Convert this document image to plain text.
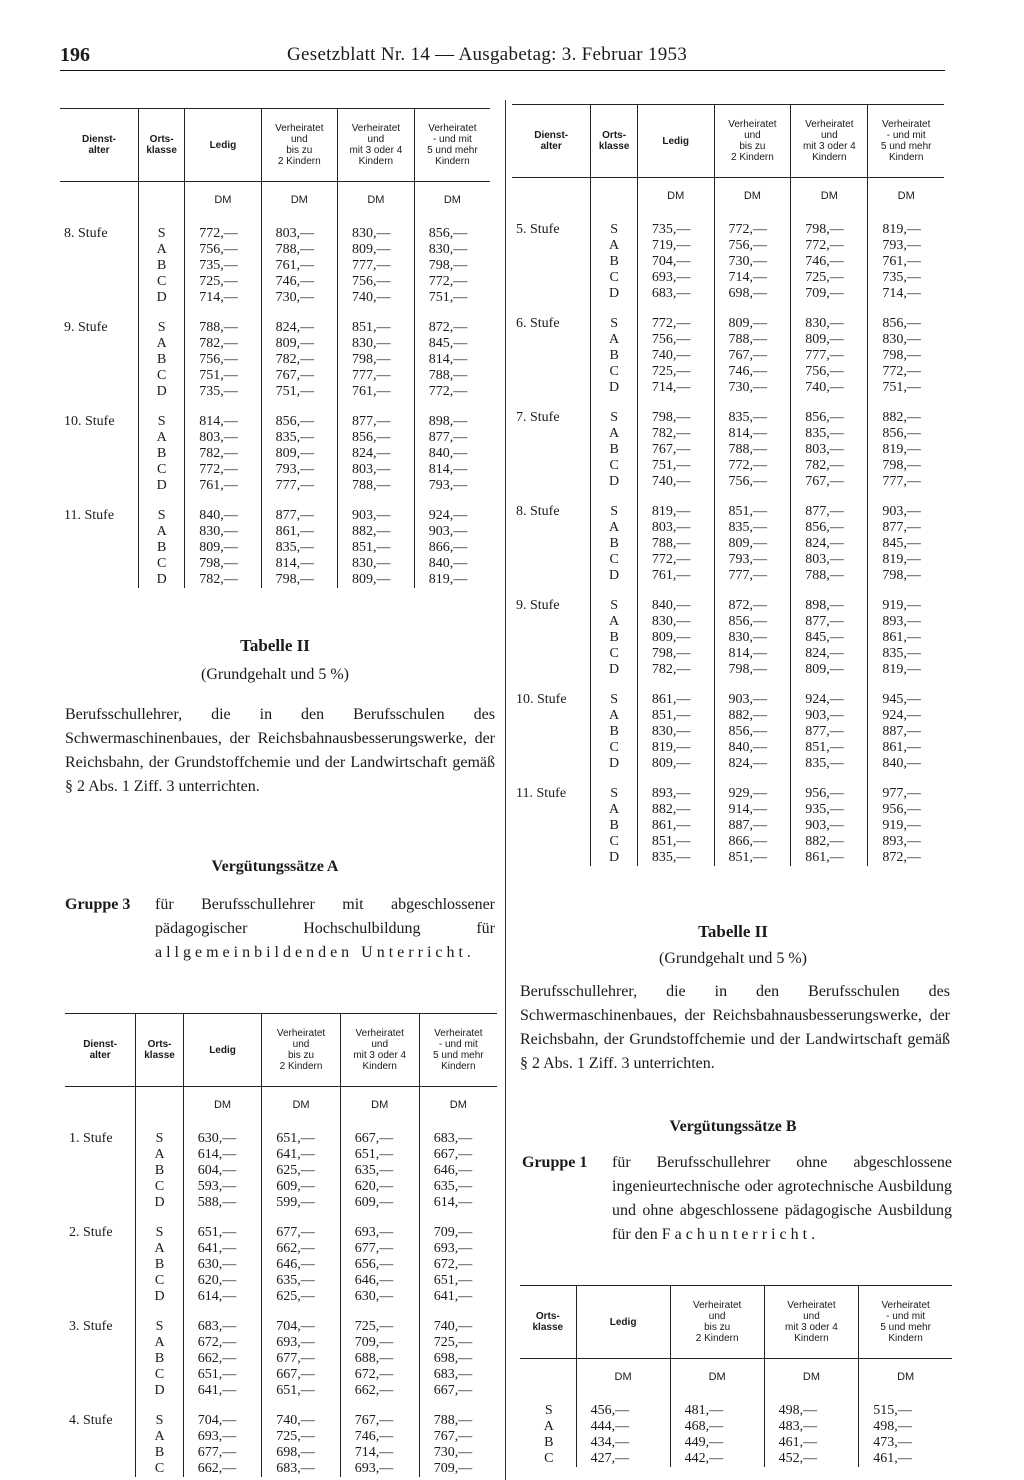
196	Gesetzblatt Nr. 14 — Ausgabetag: 3. Februar 1953
Dienst-
alter	Orts-
klasse	Ledig	Verheiratet
und
bis zu
2 Kindern	Verheiratet
und
mit 3 oder 4
Kindern	Verheiratet
- und mit
5 und mehr
Kindern
		DM	DM	DM	DM
8. Stufe	S	772,—	803,—	830,—	856,—
	A	756,—	788,—	809,—	830,—
	B	735,—	761,—	777,—	798,—
	C	725,—	746,—	756,—	772,—
	D	714,—	730,—	740,—	751,—
9. Stufe	S	788,—	824,—	851,—	872,—
	A	782,—	809,—	830,—	845,—
	B	756,—	782,—	798,—	814,—
	C	751,—	767,—	777,—	788,—
	D	735,—	751,—	761,—	772,—
10. Stufe	S	814,—	856,—	877,—	898,—
	A	803,—	835,—	856,—	877,—
	B	782,—	809,—	824,—	840,—
	C	772,—	793,—	803,—	814,—
	D	761,—	777,—	788,—	793,—
11. Stufe	S	840,—	877,—	903,—	924,—
	A	830,—	861,—	882,—	903,—
	B	809,—	835,—	851,—	866,—
	C	798,—	814,—	830,—	840,—
	D	782,—	798,—	809,—	819,—
Tabelle II
(Grundgehalt und 5 %)
Berufsschullehrer, die in den Berufsschulen des Schwermaschinenbaues, der Reichsbahnausbesserungswerke, der Reichsbahn, der Grundstoffchemie und der Landwirtschaft gemäß § 2 Abs. 1 Ziff. 3 unterrichten.
Vergütungssätze A
Gruppe 3 für Berufsschullehrer mit abgeschlossener pädagogischer Hochschulbildung für allgemeinbildenden Unterricht.
Dienst-
alter	Orts-
klasse	Ledig	Verheiratet
und
bis zu
2 Kindern	Verheiratet
und
mit 3 oder 4
Kindern	Verheiratet
- und mit
5 und mehr
Kindern
		DM	DM	DM	DM
1. Stufe	S	630,—	651,—	667,—	683,—
	A	614,—	641,—	651,—	667,—
	B	604,—	625,—	635,—	646,—
	C	593,—	609,—	620,—	635,—
	D	588,—	599,—	609,—	614,—
2. Stufe	S	651,—	677,—	693,—	709,—
	A	641,—	662,—	677,—	693,—
	B	630,—	646,—	656,—	672,—
	C	620,—	635,—	646,—	651,—
	D	614,—	625,—	630,—	641,—
3. Stufe	S	683,—	704,—	725,—	740,—
	A	672,—	693,—	709,—	725,—
	B	662,—	677,—	688,—	698,—
	C	651,—	667,—	672,—	683,—
	D	641,—	651,—	662,—	667,—
4. Stufe	S	704,—	740,—	767,—	788,—
	A	693,—	725,—	746,—	767,—
	B	677,—	698,—	714,—	730,—
	C	662,—	683,—	693,—	709,—
Dienst-
alter	Orts-
klasse	Ledig	Verheiratet
und
bis zu
2 Kindern	Verheiratet
und
mit 3 oder 4
Kindern	Verheiratet
- und mit
5 und mehr
Kindern
		DM	DM	DM	DM
5. Stufe	S	735,—	772,—	798,—	819,—
	A	719,—	756,—	772,—	793,—
	B	704,—	730,—	746,—	761,—
	C	693,—	714,—	725,—	735,—
	D	683,—	698,—	709,—	714,—
6. Stufe	S	772,—	809,—	830,—	856,—
	A	756,—	788,—	809,—	830,—
	B	740,—	767,—	777,—	798,—
	C	725,—	746,—	756,—	772,—
	D	714,—	730,—	740,—	751,—
7. Stufe	S	798,—	835,—	856,—	882,—
	A	782,—	814,—	835,—	856,—
	B	767,—	788,—	803,—	819,—
	C	751,—	772,—	782,—	798,—
	D	740,—	756,—	767,—	777,—
8. Stufe	S	819,—	851,—	877,—	903,—
	A	803,—	835,—	856,—	877,—
	B	788,—	809,—	824,—	845,—
	C	772,—	793,—	803,—	819,—
	D	761,—	777,—	788,—	798,—
9. Stufe	S	840,—	872,—	898,—	919,—
	A	830,—	856,—	877,—	893,—
	B	809,—	830,—	845,—	861,—
	C	798,—	814,—	824,—	835,—
	D	782,—	798,—	809,—	819,—
10. Stufe	S	861,—	903,—	924,—	945,—
	A	851,—	882,—	903,—	924,—
	B	830,—	856,—	877,—	887,—
	C	819,—	840,—	851,—	861,—
	D	809,—	824,—	835,—	840,—
11. Stufe	S	893,—	929,—	956,—	977,—
	A	882,—	914,—	935,—	956,—
	B	861,—	887,—	903,—	919,—
	C	851,—	866,—	882,—	893,—
	D	835,—	851,—	861,—	872,—
Tabelle II
(Grundgehalt und 5 %)
Berufsschullehrer, die in den Berufsschulen des Schwermaschinenbaues, der Reichsbahnausbesserungswerke, der Reichsbahn, der Grundstoffchemie und der Landwirtschaft gemäß § 2 Abs. 1 Ziff. 3 unterrichten.
Vergütungssätze B
Gruppe 1 für Berufsschullehrer ohne abgeschlossene ingenieurtechnische oder agrotechnische Ausbildung und ohne abgeschlossene pädagogische Ausbildung für den Fachunterricht.
Orts-
klasse	Ledig	Verheiratet
und
bis zu
2 Kindern	Verheiratet
und
mit 3 oder 4
Kindern	Verheiratet
- und mit
5 und mehr
Kindern
	DM	DM	DM	DM
S	456,—	481,—	498,—	515,—
A	444,—	468,—	483,—	498,—
B	434,—	449,—	461,—	473,—
C	427,—	442,—	452,—	461,—
